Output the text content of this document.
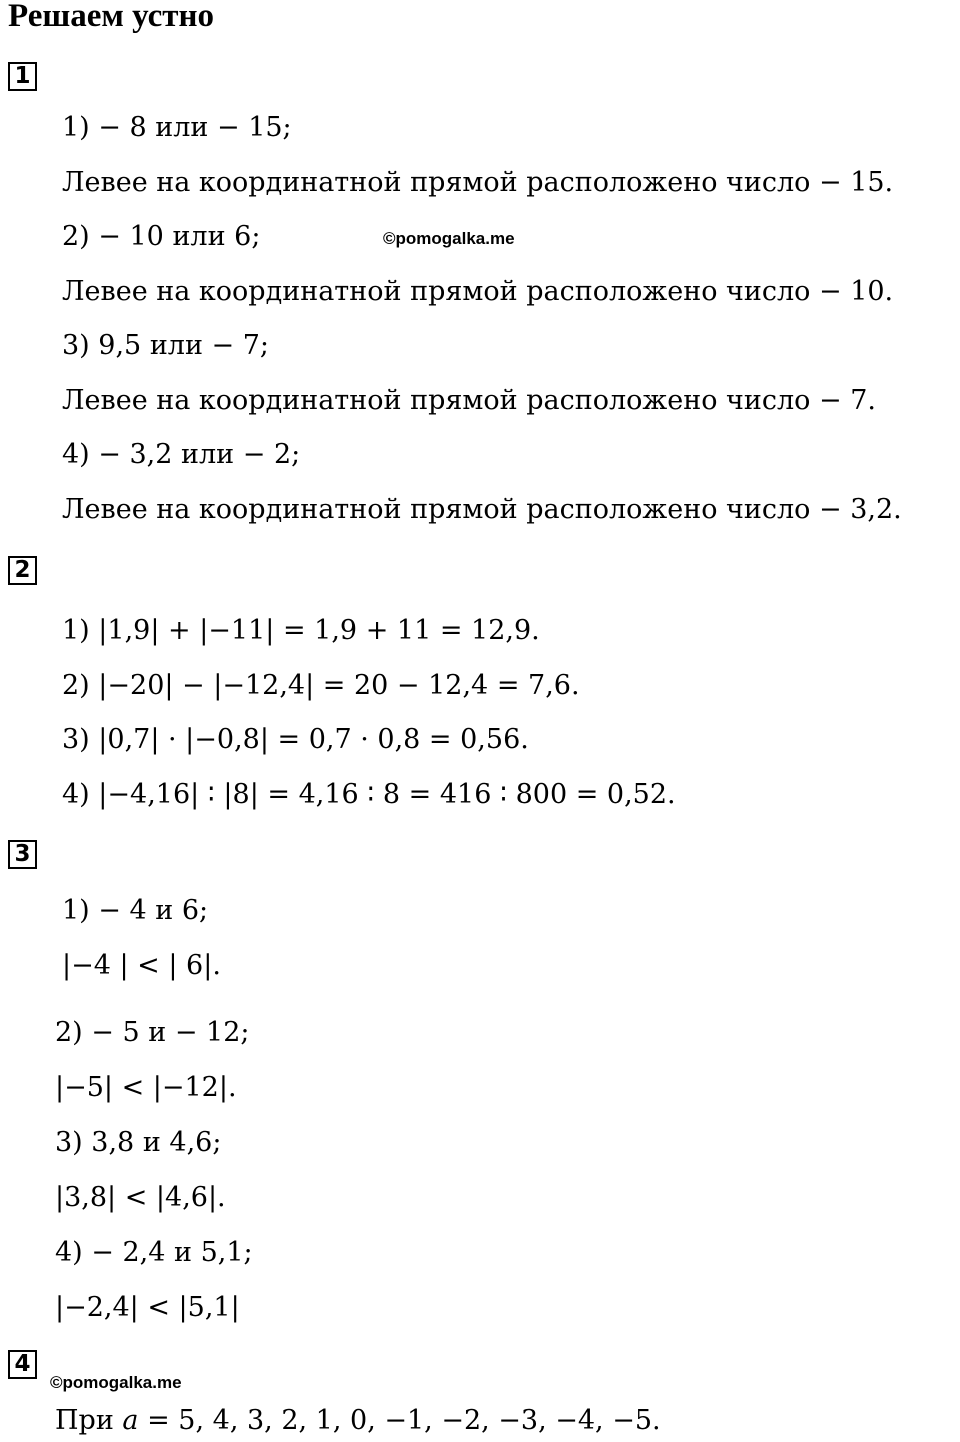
Решаем устно
1
1) − 8 или − 15;
Левее на координатной прямой расположено число − 15.
2) − 10 или 6;	©pomogalka.me
Левее на координатной прямой расположено число − 10.
3) 9,5 или − 7;
Левее на координатной прямой расположено число − 7.
4) − 3,2 или − 2;
Левее на координатной прямой расположено число − 3,2.
2
1) |1,9| + |−11| = 1,9 + 11 = 12,9.
2) |−20| − |−12,4| = 20 − 12,4 = 7,6.
3) |0,7| · |−0,8| = 0,7 · 0,8 = 0,56.
4) |−4,16| ∶ |8| = 4,16 ∶ 8 = 416 ∶ 800 = 0,52.
3
1) − 4 и 6;
|−4 | < | 6|.
2) − 5 и − 12;
|−5| < |−12|.
3) 3,8 и 4,6;
|3,8| < |4,6|.
4) − 2,4 и 5,1;
|−2,4| < |5,1|
4
©pomogalka.me
При 𝑎 = 5, 4, 3, 2, 1, 0, −1, −2, −3, −4, −5.
